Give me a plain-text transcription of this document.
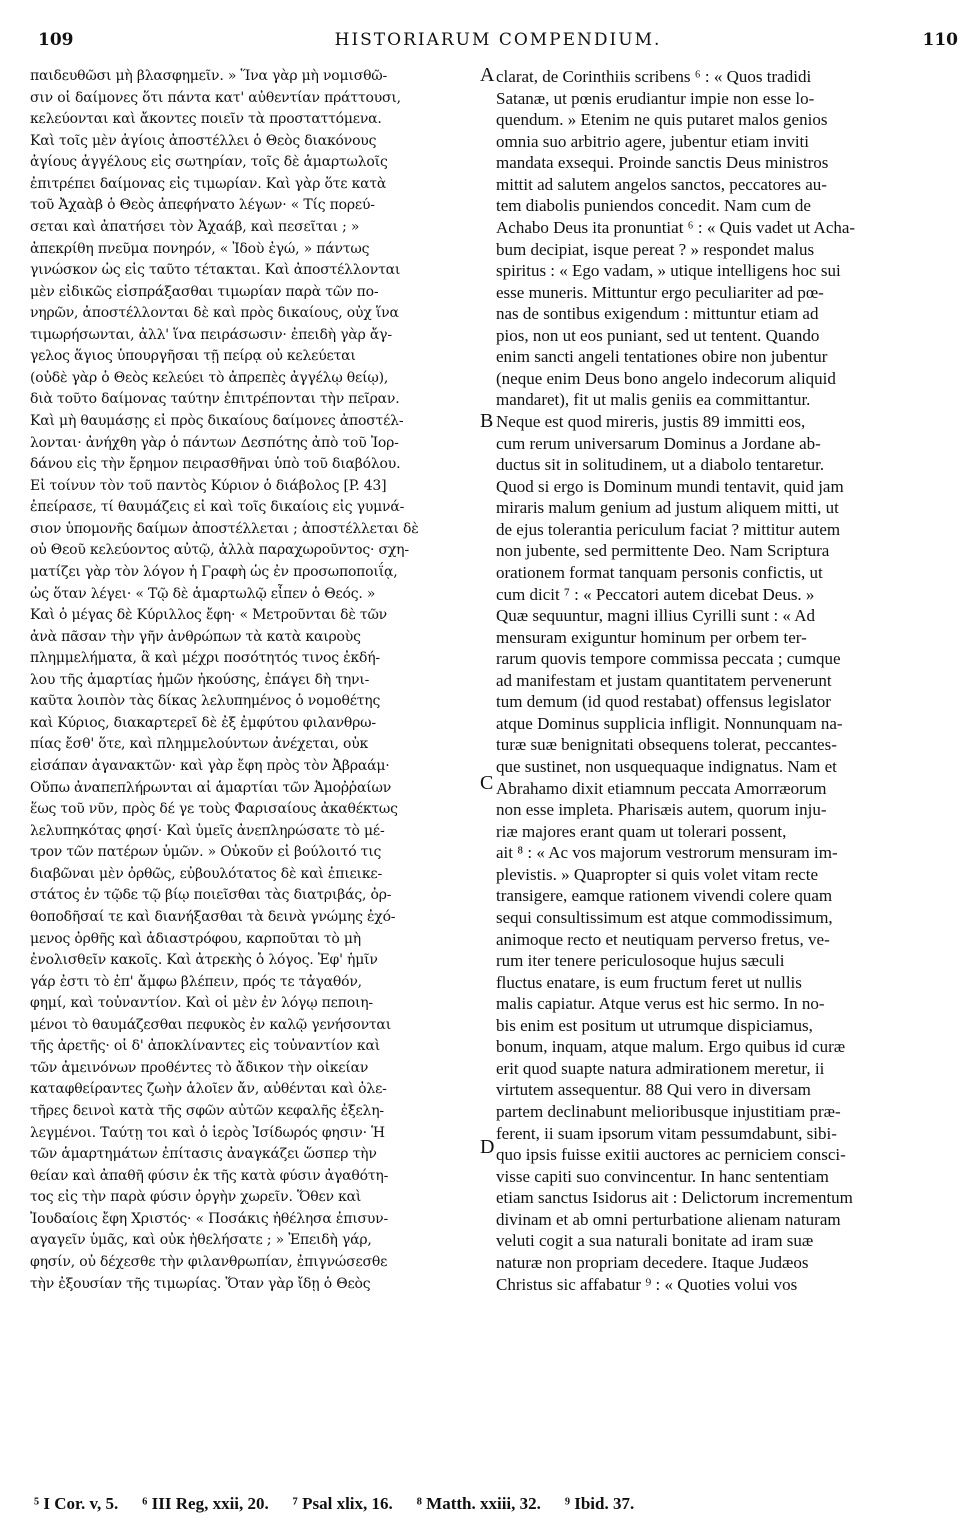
109	HISTORIARUM COMPENDIUM.	110
παιδευθῶσι μὴ βλασφημεῖν. » Ἵνα γὰρ μὴ νομισθῶ-
σιν οἱ δαίμονες ὅτι πάντα κατ' αὐθεντίαν πράττουσι,
κελεύονται καὶ ἄκοντες ποιεῖν τὰ προσταττόμενα.
Καὶ τοῖς μὲν ἁγίοις ἀποστέλλει ὁ Θεὸς διακόνους
ἁγίους ἀγγέλους εἰς σωτηρίαν, τοῖς δὲ ἁμαρτωλοῖς
ἐπιτρέπει δαίμονας εἰς τιμωρίαν. Καὶ γὰρ ὅτε κατὰ
τοῦ Ἀχαὰβ ὁ Θεὸς ἀπεφήνατο λέγων· « Τίς πορεύ-
σεται καὶ ἀπατήσει τὸν Ἀχαάβ, καὶ πεσεῖται ; »
ἀπεκρίθη πνεῦμα πονηρόν, « Ἰδοὺ ἐγώ, » πάντως
γινώσκον ὡς εἰς ταῦτο τέτακται. Καὶ ἀποστέλλονται
μὲν εἰδικῶς εἰσπράξασθαι τιμωρίαν παρὰ τῶν πο-
νηρῶν, ἀποστέλλονται δὲ καὶ πρὸς δικαίους, οὐχ ἵνα
τιμωρήσωνται, ἀλλ' ἵνα πειράσωσιν· ἐπειδὴ γὰρ ἄγ-
γελος ἅγιος ὑπουργῆσαι τῇ πείρᾳ οὐ κελεύεται
(οὐδὲ γὰρ ὁ Θεὸς κελεύει τὸ ἀπρεπὲς ἀγγέλῳ θείῳ),
διὰ τοῦτο δαίμονας ταύτην ἐπιτρέπονται τὴν πεῖραν.
Καὶ μὴ θαυμάσῃς εἰ πρὸς δικαίους δαίμονες ἀποστέλ-
λονται· ἀνήχθη γὰρ ὁ πάντων Δεσπότης ἀπὸ τοῦ Ἰορ-
δάνου εἰς τὴν ἔρημον πειρασθῆναι ὑπὸ τοῦ διαβόλου.
Εἰ τοίνυν τὸν τοῦ παντὸς Κύριον ὁ διάβολος [P. 43]
ἐπείρασε, τί θαυμάζεις εἰ καὶ τοῖς δικαίοις εἰς γυμνά-
σιον ὑπομονῆς δαίμων ἀποστέλλεται ; ἀποστέλλεται δὲ
οὐ Θεοῦ κελεύοντος αὐτῷ, ἀλλὰ παραχωροῦντος· σχη-
ματίζει γὰρ τὸν λόγον ἡ Γραφὴ ὡς ἐν προσωποποιΐᾳ,
ὡς ὅταν λέγει· « Τῷ δὲ ἁμαρτωλῷ εἶπεν ὁ Θεός. »
Καὶ ὁ μέγας δὲ Κύριλλος ἔφη· « Μετροῦνται δὲ τῶν
ἀνὰ πᾶσαν τὴν γῆν ἀνθρώπων τὰ κατὰ καιροὺς
πλημμελήματα, ἃ καὶ μέχρι ποσότητός τινος ἐκδή-
λου τῆς ἁμαρτίας ἡμῶν ἠκούσης, ἐπάγει δὴ τηνι-
καῦτα λοιπὸν τὰς δίκας λελυπημένος ὁ νομοθέτης
καὶ Κύριος, διακαρτερεῖ δὲ ἐξ ἐμφύτου φιλανθρω-
πίας ἔσθ' ὅτε, καὶ πλημμελούντων ἀνέχεται, οὐκ
εἰσάπαν ἀγανακτῶν· καὶ γὰρ ἔφη πρὸς τὸν Ἀβραάμ·
Οὔπω ἀναπεπλήρωνται αἱ ἁμαρτίαι τῶν Ἀμοῤῥαίων
ἕως τοῦ νῦν, πρὸς δέ γε τοὺς Φαρισαίους ἀκαθέκτως
λελυπηκότας φησί· Καὶ ὑμεῖς ἀνεπληρώσατε τὸ μέ-
τρον τῶν πατέρων ὑμῶν. » Οὐκοῦν εἰ βούλοιτό τις
διαβῶναι μὲν ὀρθῶς, εὐβουλότατος δὲ καὶ ἐπιεικε-
στάτος ἐν τῷδε τῷ βίῳ ποιεῖσθαι τὰς διατριβάς, ὀρ-
θοποδῆσαί τε καὶ διανήξασθαι τὰ δεινὰ γνώμης ἐχό-
μενος ὀρθῆς καὶ ἀδιαστρόφου, καρποῦται τὸ μὴ
ἐνολισθεῖν κακοῖς. Καὶ ἀτρεκὴς ὁ λόγος. Ἐφ' ἡμῖν
γάρ ἐστι τὸ ἐπ' ἄμφω βλέπειν, πρός τε τἀγαθόν,
φημί, καὶ τοὐναντίον. Καὶ οἱ μὲν ἐν λόγῳ πεποιη-
μένοι τὸ θαυμάζεσθαι πεφυκὸς ἐν καλῷ γενήσονται
τῆς ἀρετῆς· οἱ δ' ἀποκλίναντες εἰς τοὐναντίον καὶ
τῶν ἀμεινόνων προθέντες τὸ ἄδικον τὴν οἰκείαν
καταφθείραντες ζωὴν ἁλοῖεν ἄν, αὐθένται καὶ ὀλε-
τῆρες δεινοὶ κατὰ τῆς σφῶν αὐτῶν κεφαλῆς ἐξελη-
λεγμένοι. Ταύτῃ τοι καὶ ὁ ἱερὸς Ἰσίδωρός φησιν· Ἡ
τῶν ἁμαρτημάτων ἐπίτασις ἀναγκάζει ὥσπερ τὴν
θείαν καὶ ἀπαθῆ φύσιν ἐκ τῆς κατὰ φύσιν ἀγαθότη-
τος εἰς τὴν παρὰ φύσιν ὀργὴν χωρεῖν. Ὅθεν καὶ
Ἰουδαίοις ἔφη Χριστός· « Ποσάκις ἠθέλησα ἐπισυν-
αγαγεῖν ὑμᾶς, καὶ οὐκ ἠθελήσατε ; » Ἐπειδὴ γάρ,
φησίν, οὐ δέχεσθε τὴν φιλανθρωπίαν, ἐπιγνώσεσθε
τὴν ἐξουσίαν τῆς τιμωρίας. Ὅταν γὰρ ἴδῃ ὁ Θεὸς
clarat, de Corinthiis scribens ⁶ : « Quos tradidi
Satanæ, ut pœnis erudiantur impie non esse lo-
quendum. » Etenim ne quis putaret malos genios
omnia suo arbitrio agere, jubentur etiam inviti
mandata exsequi. Proinde sanctis Deus ministros
mittit ad salutem angelos sanctos, peccatores au-
tem diabolis puniendos concedit. Nam cum de
Achabo Deus ita pronuntiat ⁶ : « Quis vadet ut Acha-
bum decipiat, isque pereat ? » respondet malus
spiritus : « Ego vadam, » utique intelligens hoc sui
esse muneris. Mittuntur ergo peculiariter ad pœ-
nas de sontibus exigendum : mittuntur etiam ad
pios, non ut eos puniant, sed ut tentent. Quando
enim sancti angeli tentationes obire non jubentur
(neque enim Deus bono angelo indecorum aliquid
mandaret), fit ut malis geniis ea committantur.
Neque est quod mireris, justis 89 immitti eos,
cum rerum universarum Dominus a Jordane ab-
ductus sit in solitudinem, ut a diabolo tentaretur.
Quod si ergo is Dominum mundi tentavit, quid jam
miraris malum genium ad justum aliquem mitti, ut
de ejus tolerantia periculum faciat ? mittitur autem
non jubente, sed permittente Deo. Nam Scriptura
orationem format tanquam personis confictis, ut
cum dicit ⁷ : « Peccatori autem dicebat Deus. »
Quæ sequuntur, magni illius Cyrilli sunt : « Ad
mensuram exiguntur hominum per orbem ter-
rarum quovis tempore commissa peccata ; cumque
ad manifestam et justam quantitatem pervenerunt
tum demum (id quod restabat) offensus legislator
atque Dominus supplicia infligit. Nonnunquam na-
turæ suæ benignitati obsequens tolerat, peccantes-
que sustinet, non usquequaque indignatus. Nam et
Abrahamo dixit etiamnum peccata Amorræorum
non esse impleta. Pharisæis autem, quorum inju-
riæ majores erant quam ut tolerari possent,
ait ⁸ : « Ac vos majorum vestrorum mensuram im-
plevistis. » Quapropter si quis volet vitam recte
transigere, eamque rationem vivendi colere quam
sequi consultissimum est atque commodissimum,
animoque recto et neutiquam perverso fretus, ve-
rum iter tenere periculosoque hujus sæculi
fluctus enatare, is eum fructum feret ut nullis
malis capiatur. Atque verus est hic sermo. In no-
bis enim est positum ut utrumque dispiciamus,
bonum, inquam, atque malum. Ergo quibus id curæ
erit quod suapte natura admirationem meretur, ii
virtutem assequentur. 88 Qui vero in diversam
partem declinabunt melioribusque injustitiam præ-
ferent, ii suam ipsorum vitam pessumdabunt, sibi-
quo ipsis fuisse exitii auctores ac perniciem consci-
visse capiti suo convincentur. In hanc sententiam
etiam sanctus Isidorus ait : Delictorum incrementum
divinam et ab omni perturbatione alienam naturam
veluti cogit a sua naturali bonitate ad iram suæ
naturæ non propriam decedere. Itaque Judæos
Christus sic affabatur ⁹ : « Quoties volui vos
A
B
C
D
⁵ I Cor. v, 5. ⁶ III Reg, xxii, 20. ⁷ Psal xlix, 16. ⁸ Matth. xxiii, 32. ⁹ Ibid. 37.
